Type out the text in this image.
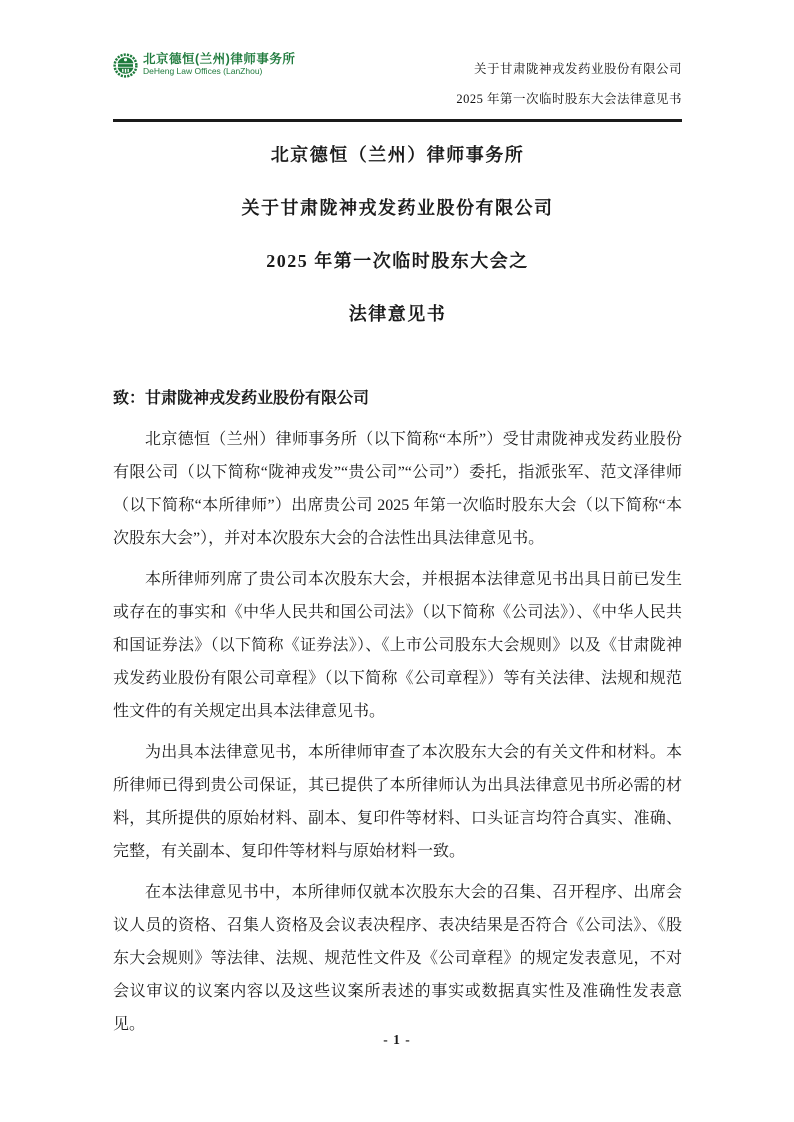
北京德恒(兰州)律师事务所
DeHeng Law Offices (LanZhou)	关于甘肃陇神戎发药业股份有限公司
2025 年第一次临时股东大会法律意见书
北京德恒（兰州）律师事务所
关于甘肃陇神戎发药业股份有限公司
2025 年第一次临时股东大会之
法律意见书

致：甘肃陇神戎发药业股份有限公司

北京德恒（兰州）律师事务所（以下简称“本所”）受甘肃陇神戎发药业股份有限公司（以下简称“陇神戎发”“贵公司”“公司”）委托，指派张军、范文泽律师（以下简称“本所律师”）出席贵公司 2025 年第一次临时股东大会（以下简称“本次股东大会”），并对本次股东大会的合法性出具法律意见书。

本所律师列席了贵公司本次股东大会，并根据本法律意见书出具日前已发生或存在的事实和《中华人民共和国公司法》（以下简称《公司法》）、《中华人民共和国证券法》（以下简称《证券法》）、《上市公司股东大会规则》以及《甘肃陇神戎发药业股份有限公司章程》（以下简称《公司章程》）等有关法律、法规和规范性文件的有关规定出具本法律意见书。

为出具本法律意见书，本所律师审查了本次股东大会的有关文件和材料。本所律师已得到贵公司保证，其已提供了本所律师认为出具法律意见书所必需的材料，其所提供的原始材料、副本、复印件等材料、口头证言均符合真实、准确、完整，有关副本、复印件等材料与原始材料一致。

在本法律意见书中，本所律师仅就本次股东大会的召集、召开程序、出席会议人员的资格、召集人资格及会议表决程序、表决结果是否符合《公司法》、《股东大会规则》等法律、法规、规范性文件及《公司章程》的规定发表意见，不对会议审议的议案内容以及这些议案所表述的事实或数据真实性及准确性发表意见。

- 1 -
